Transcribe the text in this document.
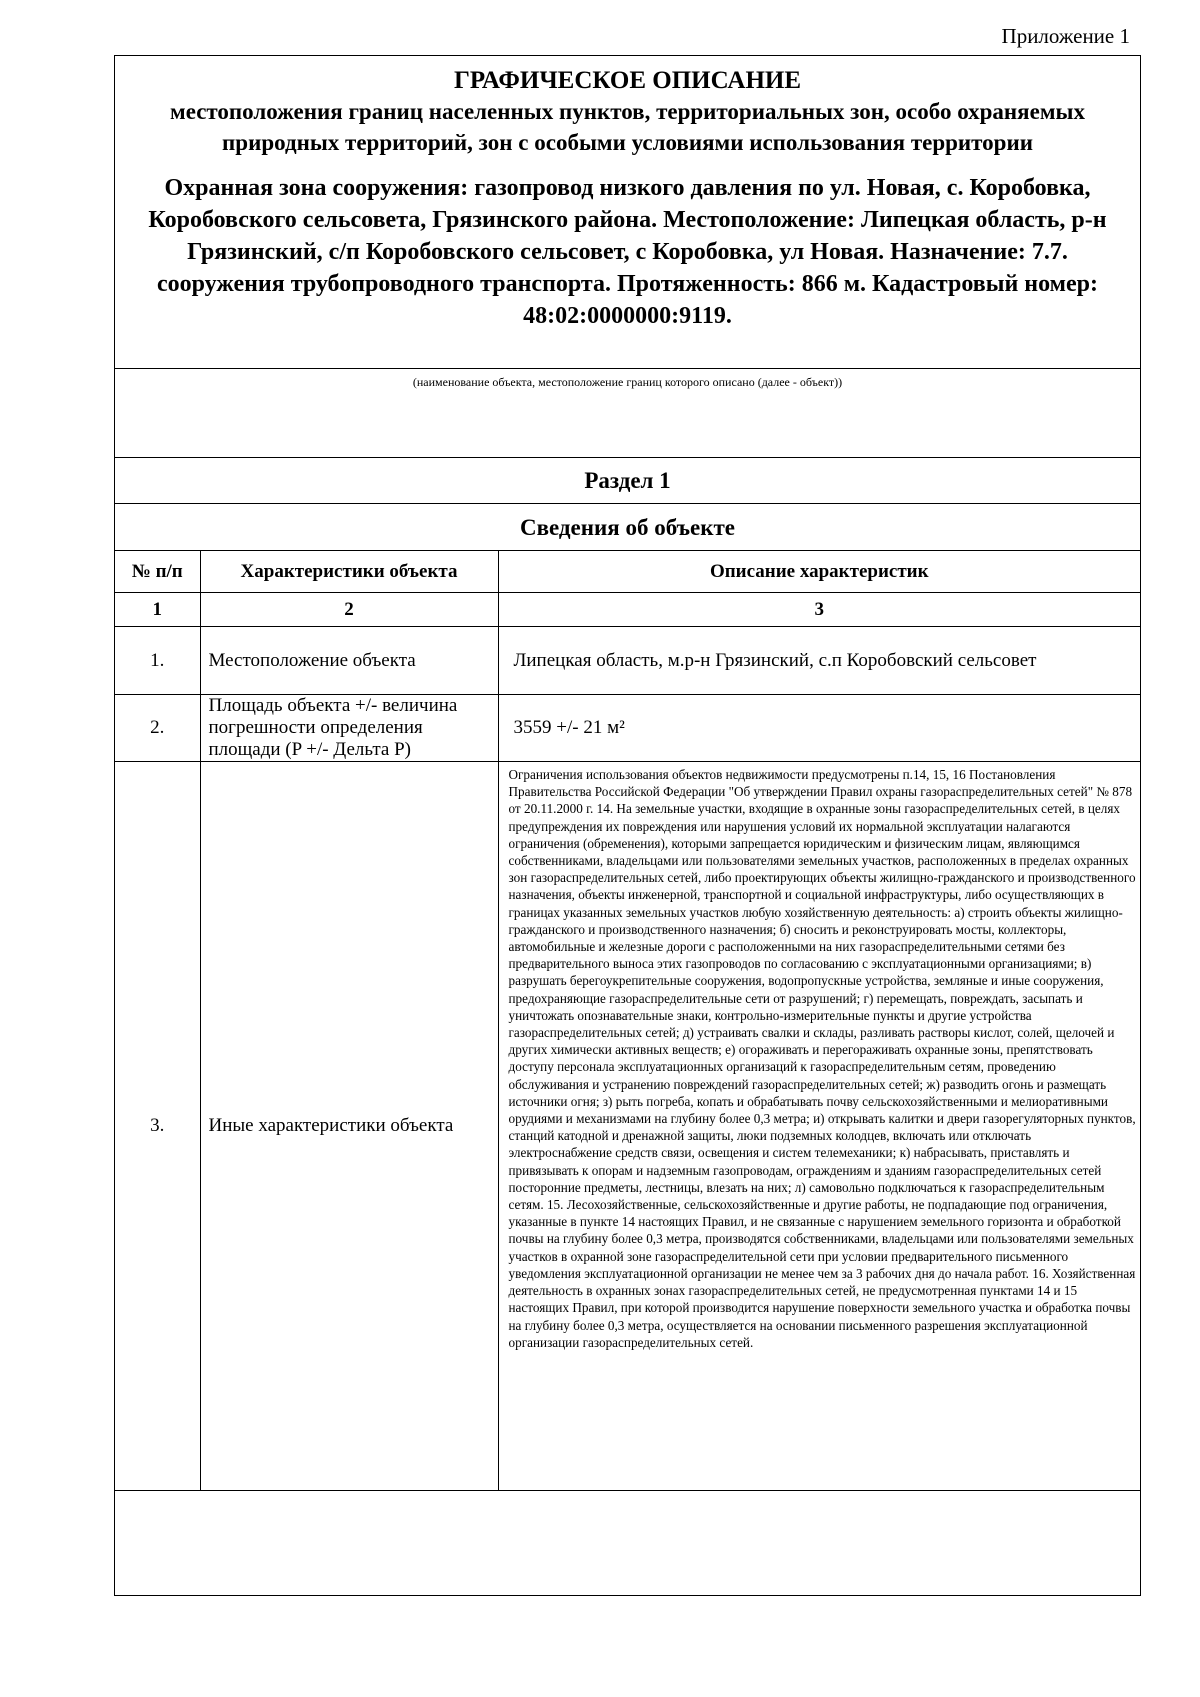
Приложение 1
ГРАФИЧЕСКОЕ ОПИСАНИЕ
местоположения границ населенных пунктов, территориальных зон, особо охраняемых природных территорий, зон с особыми условиями использования территории
Охранная зона сооружения: газопровод низкого давления по ул. Новая, с. Коробовка, Коробовского сельсовета, Грязинского района. Местоположение: Липецкая область, р-н Грязинский, с/п Коробовского сельсовет, с Коробовка, ул Новая. Назначение: 7.7. сооружения трубопроводного транспорта. Протяженность: 866 м. Кадастровый номер: 48:02:0000000:9119.
(наименование объекта, местоположение границ которого описано (далее - объект))
Раздел 1
Сведения об объекте
№ п/п	Характеристики объекта	Описание характеристик
1	2	3
1.	Местоположение объекта	Липецкая область, м.р-н Грязинский, с.п Коробовский сельсовет
2.	Площадь объекта +/- величина погрешности определения площади (P +/- Дельта P)	3559 +/- 21 м²
3.	Иные характеристики объекта	Ограничения использования объектов недвижимости предусмотрены п.14, 15, 16 Постановления Правительства Российской Федерации "Об утверждении Правил охраны газораспределительных сетей" № 878 от 20.11.2000 г. 14. На земельные участки, входящие в охранные зоны газораспределительных сетей, в целях предупреждения их повреждения или нарушения условий их нормальной эксплуатации налагаются ограничения (обременения), которыми запрещается юридическим и физическим лицам, являющимся собственниками, владельцами или пользователями земельных участков, расположенных в пределах охранных зон газораспределительных сетей, либо проектирующих объекты жилищно-гражданского и производственного назначения, объекты инженерной, транспортной и социальной инфраструктуры, либо осуществляющих в границах указанных земельных участков любую хозяйственную деятельность: а) строить объекты жилищно-гражданского и производственного назначения; б) сносить и реконструировать мосты, коллекторы, автомобильные и железные дороги с расположенными на них газораспределительными сетями без предварительного выноса этих газопроводов по согласованию с эксплуатационными организациями; в) разрушать берегоукрепительные сооружения, водопропускные устройства, земляные и иные сооружения, предохраняющие газораспределительные сети от разрушений; г) перемещать, повреждать, засыпать и уничтожать опознавательные знаки, контрольно-измерительные пункты и другие устройства газораспределительных сетей; д) устраивать свалки и склады, разливать растворы кислот, солей, щелочей и других химически активных веществ; е) огораживать и перегораживать охранные зоны, препятствовать доступу персонала эксплуатационных организаций к газораспределительным сетям, проведению обслуживания и устранению повреждений газораспределительных сетей; ж) разводить огонь и размещать источники огня; з) рыть погреба, копать и обрабатывать почву сельскохозяйственными и мелиоративными орудиями и механизмами на глубину более 0,3 метра; и) открывать калитки и двери газорегуляторных пунктов, станций катодной и дренажной защиты, люки подземных колодцев, включать или отключать электроснабжение средств связи, освещения и систем телемеханики; к) набрасывать, приставлять и привязывать к опорам и надземным газопроводам, ограждениям и зданиям газораспределительных сетей посторонние предметы, лестницы, влезать на них; л) самовольно подключаться к газораспределительным сетям. 15. Лесохозяйственные, сельскохозяйственные и другие работы, не подпадающие под ограничения, указанные в пункте 14 настоящих Правил, и не связанные с нарушением земельного горизонта и обработкой почвы на глубину более 0,3 метра, производятся собственниками, владельцами или пользователями земельных участков в охранной зоне газораспределительной сети при условии предварительного письменного уведомления эксплуатационной организации не менее чем за 3 рабочих дня до начала работ. 16. Хозяйственная деятельность в охранных зонах газораспределительных сетей, не предусмотренная пунктами 14 и 15 настоящих Правил, при которой производится нарушение поверхности земельного участка и обработка почвы на глубину более 0,3 метра, осуществляется на основании письменного разрешения эксплуатационной организации газораспределительных сетей.
